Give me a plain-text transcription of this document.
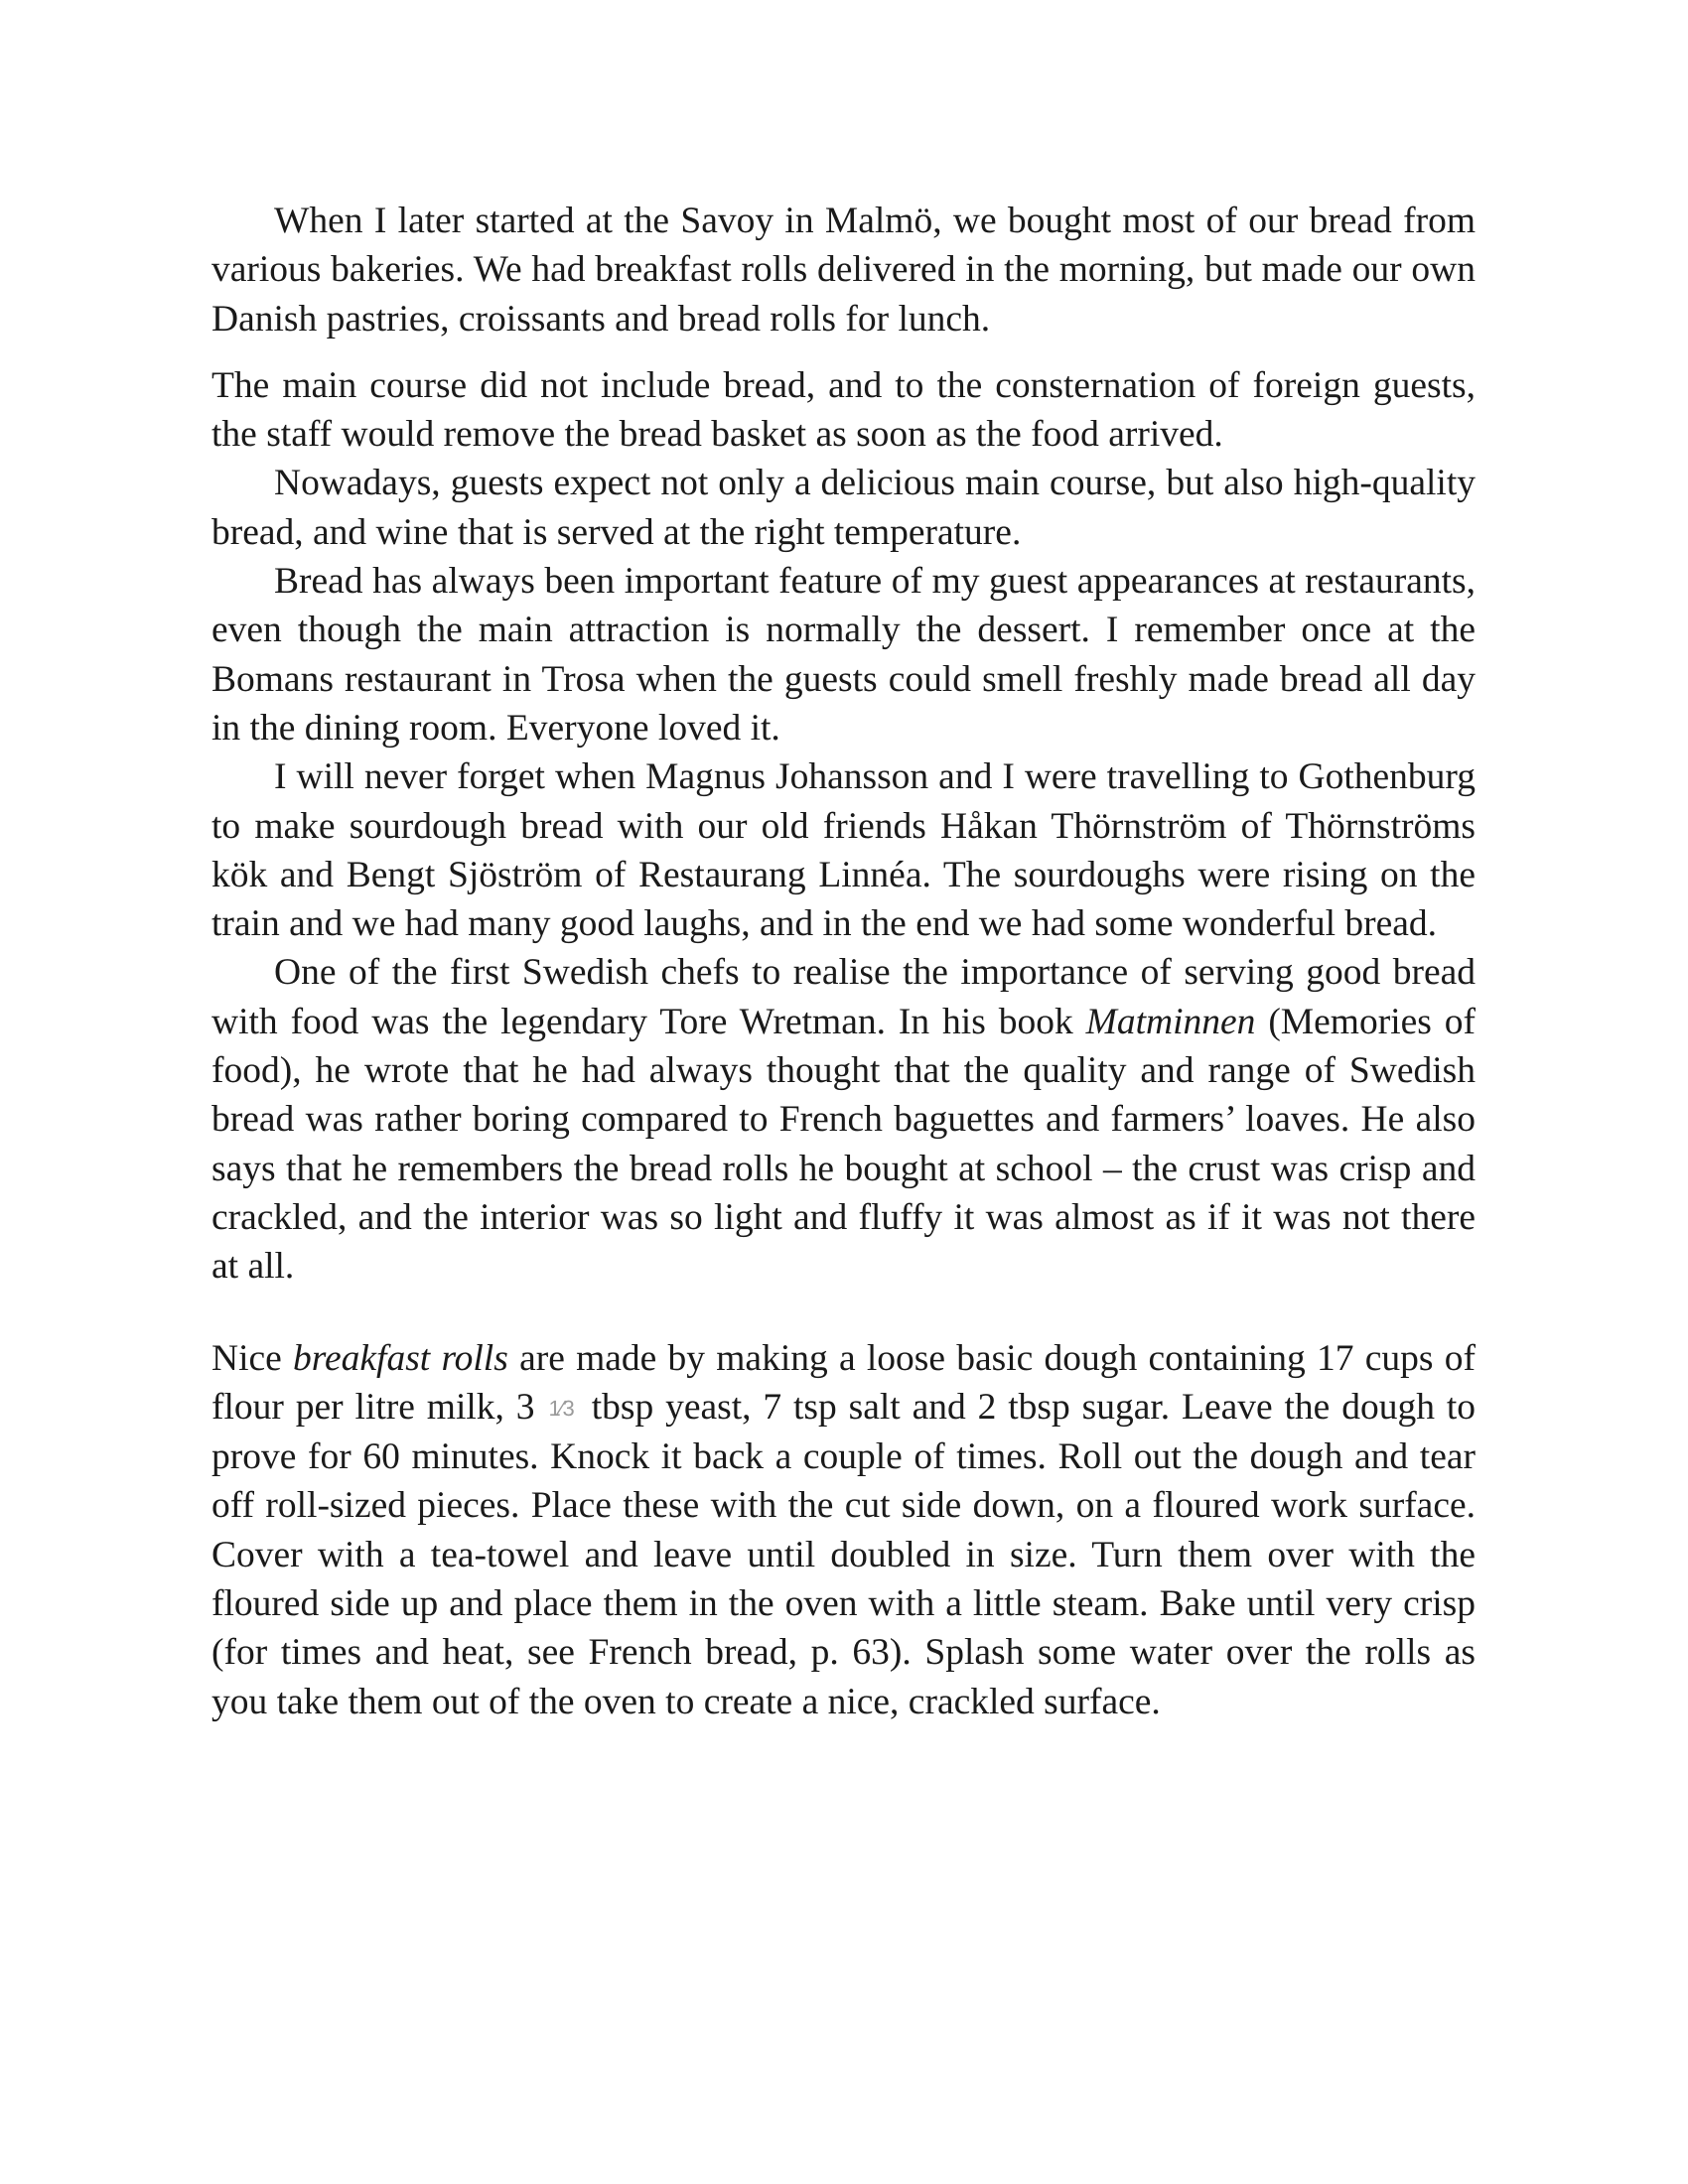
When I later started at the Savoy in Malmö, we bought most of our bread from various bakeries. We had breakfast rolls delivered in the morning, but made our own Danish pastries, croissants and bread rolls for lunch.

The main course did not include bread, and to the consternation of foreign guests, the staff would remove the bread basket as soon as the food arrived.

Nowadays, guests expect not only a delicious main course, but also high-quality bread, and wine that is served at the right temperature.

Bread has always been important feature of my guest appearances at restaurants, even though the main attraction is normally the dessert. I remember once at the Bomans restaurant in Trosa when the guests could smell freshly made bread all day in the dining room. Everyone loved it.

I will never forget when Magnus Johansson and I were travelling to Gothenburg to make sourdough bread with our old friends Håkan Thörnström of Thörnströms kök and Bengt Sjöström of Restaurang Linnéa. The sourdoughs were rising on the train and we had many good laughs, and in the end we had some wonderful bread.

One of the first Swedish chefs to realise the importance of serving good bread with food was the legendary Tore Wretman. In his book Matminnen (Memories of food), he wrote that he had always thought that the quality and range of Swedish bread was rather boring compared to French baguettes and farmers’ loaves. He also says that he remembers the bread rolls he bought at school – the crust was crisp and crackled, and the interior was so light and fluffy it was almost as if it was not there at all.

Nice breakfast rolls are made by making a loose basic dough containing 17 cups of flour per litre milk, 3 1⁄3 tbsp yeast, 7 tsp salt and 2 tbsp sugar. Leave the dough to prove for 60 minutes. Knock it back a couple of times. Roll out the dough and tear off roll-sized pieces. Place these with the cut side down, on a floured work surface. Cover with a tea-towel and leave until doubled in size. Turn them over with the floured side up and place them in the oven with a little steam. Bake until very crisp (for times and heat, see French bread, p. 63). Splash some water over the rolls as you take them out of the oven to create a nice, crackled surface.
